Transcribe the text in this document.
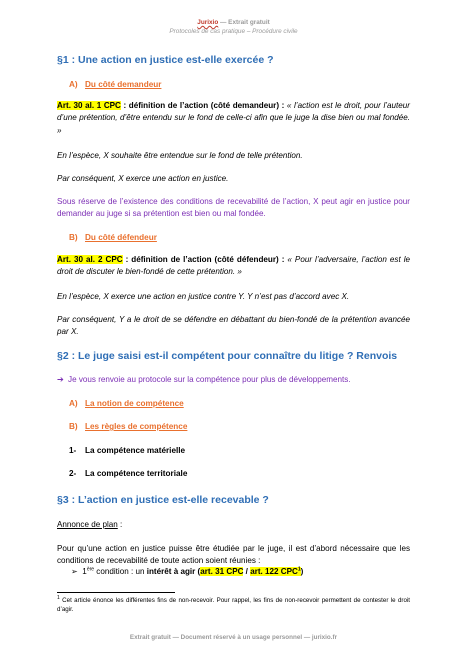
Jurixio — Extrait gratuit
Protocoles de cas pratique – Procédure civile
§1 : Une action en justice est-elle exercée ?
A) Du côté demandeur
Art. 30 al. 1 CPC : définition de l’action (côté demandeur) : « l’action est le droit, pour l’auteur d’une prétention, d’être entendu sur le fond de celle-ci afin que le juge la dise bien ou mal fondée. »
En l’espèce, X souhaite être entendue sur le fond de telle prétention.
Par conséquent, X exerce une action en justice.
Sous réserve de l’existence des conditions de recevabilité de l’action, X peut agir en justice pour demander au juge si sa prétention est bien ou mal fondée.
B) Du côté défendeur
Art. 30 al. 2 CPC : définition de l’action (côté défendeur) : « Pour l’adversaire, l’action est le droit de discuter le bien-fondé de cette prétention. »
En l’espèce, X exerce une action en justice contre Y. Y n’est pas d’accord avec X.
Par conséquent, Y a le droit de se défendre en débattant du bien-fondé de la prétention avancée par X.
§2 : Le juge saisi est-il compétent pour connaître du litige ? Renvois
➔ Je vous renvoie au protocole sur la compétence pour plus de développements.
A) La notion de compétence
B) Les règles de compétence
1- La compétence matérielle
2- La compétence territoriale
§3 : L’action en justice est-elle recevable ?
Annonce de plan :
Pour qu’une action en justice puisse être étudiée par le juge, il est d’abord nécessaire que les conditions de recevabilité de toute action soient réunies :
➢ 1ère condition : un intérêt à agir (art. 31 CPC / art. 122 CPC$^1$)
$^1$ Cet article énonce les différentes fins de non-recevoir. Pour rappel, les fins de non-recevoir permettent de contester le droit d’agir.
Extrait gratuit — Document réservé à un usage personnel — jurixio.fr
